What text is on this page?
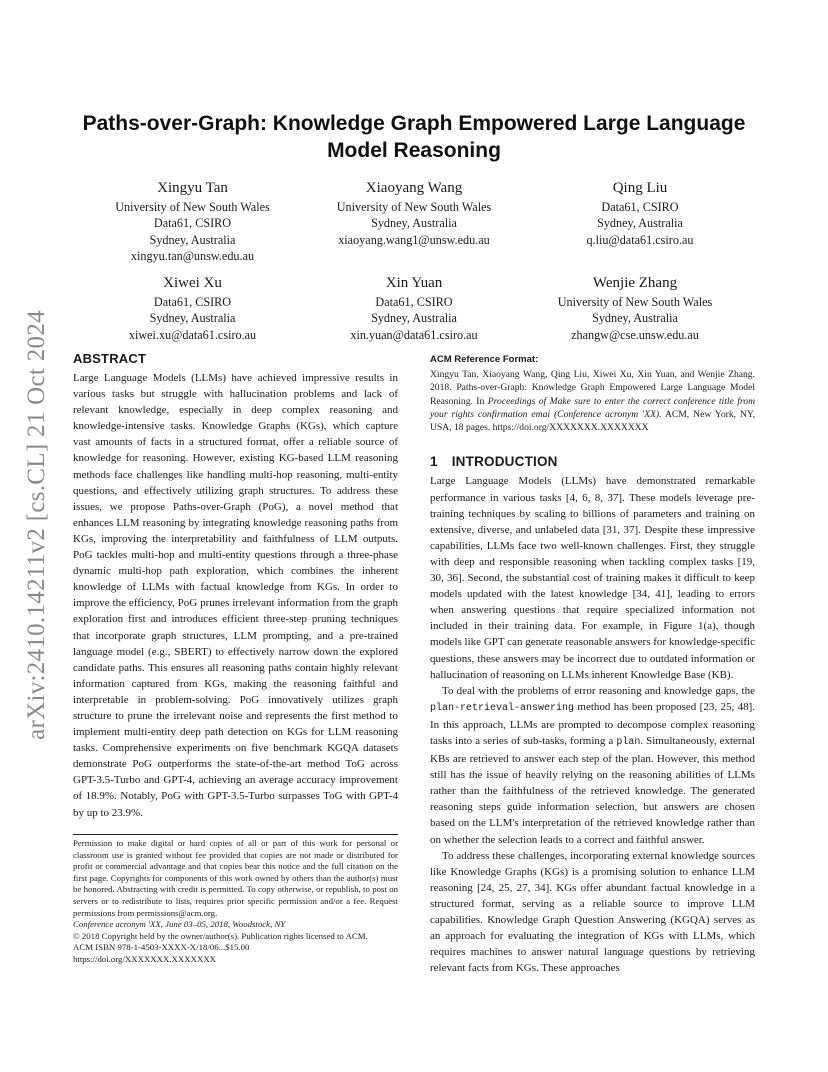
arXiv:2410.14211v2 [cs.CL] 21 Oct 2024
Paths-over-Graph: Knowledge Graph Empowered Large Language Model Reasoning
Xingyu Tan
University of New South Wales
Data61, CSIRO
Sydney, Australia
xingyu.tan@unsw.edu.au
Xiaoyang Wang
University of New South Wales
Sydney, Australia
xiaoyang.wang1@unsw.edu.au
Qing Liu
Data61, CSIRO
Sydney, Australia
q.liu@data61.csiro.au
Xiwei Xu
Data61, CSIRO
Sydney, Australia
xiwei.xu@data61.csiro.au
Xin Yuan
Data61, CSIRO
Sydney, Australia
xin.yuan@data61.csiro.au
Wenjie Zhang
University of New South Wales
Sydney, Australia
zhangw@cse.unsw.edu.au
ABSTRACT

Large Language Models (LLMs) have achieved impressive results in various tasks but struggle with hallucination problems and lack of relevant knowledge, especially in deep complex reasoning and knowledge-intensive tasks. Knowledge Graphs (KGs), which capture vast amounts of facts in a structured format, offer a reliable source of knowledge for reasoning. However, existing KG-based LLM reasoning methods face challenges like handling multi-hop reasoning, multi-entity questions, and effectively utilizing graph structures. To address these issues, we propose Paths-over-Graph (PoG), a novel method that enhances LLM reasoning by integrating knowledge reasoning paths from KGs, improving the interpretability and faithfulness of LLM outputs. PoG tackles multi-hop and multi-entity questions through a three-phase dynamic multi-hop path exploration, which combines the inherent knowledge of LLMs with factual knowledge from KGs. In order to improve the efficiency, PoG prunes irrelevant information from the graph exploration first and introduces efficient three-step pruning techniques that incorporate graph structures, LLM prompting, and a pre-trained language model (e.g., SBERT) to effectively narrow down the explored candidate paths. This ensures all reasoning paths contain highly relevant information captured from KGs, making the reasoning faithful and interpretable in problem-solving. PoG innovatively utilizes graph structure to prune the irrelevant noise and represents the first method to implement multi-entity deep path detection on KGs for LLM reasoning tasks. Comprehensive experiments on five benchmark KGQA datasets demonstrate PoG outperforms the state-of-the-art method ToG across GPT-3.5-Turbo and GPT-4, achieving an average accuracy improvement of 18.9%. Notably, PoG with GPT-3.5-Turbo surpasses ToG with GPT-4 by up to 23.9%.

Permission to make digital or hard copies of all or part of this work for personal or classroom use is granted without fee provided that copies are not made or distributed for profit or commercial advantage and that copies bear this notice and the full citation on the first page. Copyrights for components of this work owned by others than the author(s) must be honored. Abstracting with credit is permitted. To copy otherwise, or republish, to post on servers or to redistribute to lists, requires prior specific permission and/or a fee. Request permissions from permissions@acm.org.

Conference acronym 'XX, June 03–05, 2018, Woodstock, NY

© 2018 Copyright held by the owner/author(s). Publication rights licensed to ACM.

ACM ISBN 978-1-4503-XXXX-X/18/06...$15.00

https://doi.org/XXXXXXX.XXXXXXX

ACM Reference Format:

Xingyu Tan, Xiaoyang Wang, Qing Liu, Xiwei Xu, Xin Yuan, and Wenjie Zhang. 2018. Paths-over-Graph: Knowledge Graph Empowered Large Language Model Reasoning. In Proceedings of Make sure to enter the correct conference title from your rights confirmation emai (Conference acronym 'XX). ACM, New York, NY, USA, 18 pages. https://doi.org/XXXXXXX.XXXXXXX

1 INTRODUCTION

Large Language Models (LLMs) have demonstrated remarkable performance in various tasks [4, 6, 8, 37]. These models leverage pre-training techniques by scaling to billions of parameters and training on extensive, diverse, and unlabeled data [31, 37]. Despite these impressive capabilities, LLMs face two well-known challenges. First, they struggle with deep and responsible reasoning when tackling complex tasks [19, 30, 36]. Second, the substantial cost of training makes it difficult to keep models updated with the latest knowledge [34, 41], leading to errors when answering questions that require specialized information not included in their training data. For example, in Figure 1(a), though models like GPT can generate reasonable answers for knowledge-specific questions, these answers may be incorrect due to outdated information or hallucination of reasoning on LLMs inherent Knowledge Base (KB).

To deal with the problems of error reasoning and knowledge gaps, the plan-retrieval-answering method has been proposed [23, 25, 48]. In this approach, LLMs are prompted to decompose complex reasoning tasks into a series of sub-tasks, forming a plan. Simultaneously, external KBs are retrieved to answer each step of the plan. However, this method still has the issue of heavily relying on the reasoning abilities of LLMs rather than the faithfulness of the retrieved knowledge. The generated reasoning steps guide information selection, but answers are chosen based on the LLM's interpretation of the retrieved knowledge rather than on whether the selection leads to a correct and faithful answer.

To address these challenges, incorporating external knowledge sources like Knowledge Graphs (KGs) is a promising solution to enhance LLM reasoning [24, 25, 27, 34]. KGs offer abundant factual knowledge in a structured format, serving as a reliable source to improve LLM capabilities. Knowledge Graph Question Answering (KGQA) serves as an approach for evaluating the integration of KGs with LLMs, which requires machines to answer natural language questions by retrieving relevant facts from KGs. These approaches
